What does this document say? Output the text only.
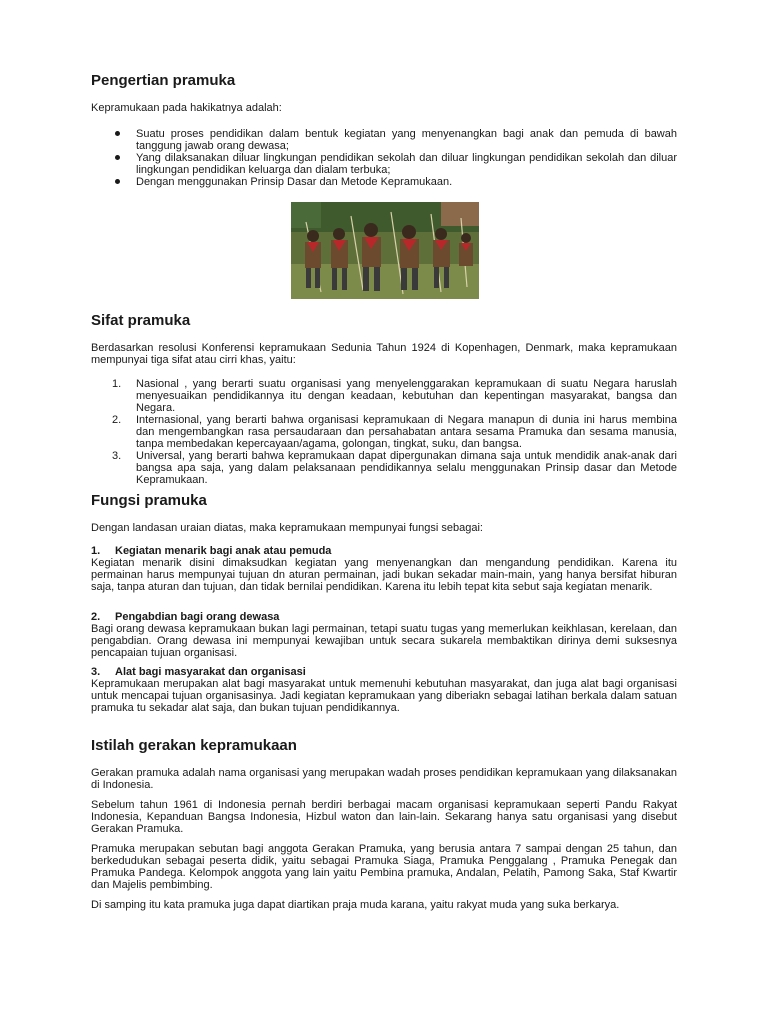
Pengertian pramuka

Kepramukaan pada hakikatnya adalah:

Suatu proses pendidikan dalam bentuk kegiatan yang menyenangkan bagi anak dan pemuda di bawah tanggung jawab orang dewasa;
Yang dilaksanakan diluar lingkungan pendidikan sekolah dan diluar lingkungan pendidikan sekolah dan diluar lingkungan pendidikan keluarga dan dialam terbuka;
Dengan menggunakan Prinsip Dasar dan Metode Kepramukaan.
Sifat pramuka

Berdasarkan resolusi Konferensi kepramukaan Sedunia Tahun 1924 di Kopenhagen, Denmark, maka kepramukaan mempunyai tiga sifat atau cirri khas, yaitu:

1. Nasional , yang berarti suatu organisasi yang menyelenggarakan kepramukaan di suatu Negara haruslah menyesuaikan pendidikannya itu dengan keadaan, kebutuhan dan kepentingan masyarakat, bangsa dan Negara.
2. Internasional, yang berarti bahwa organisasi kepramukaan di Negara manapun di dunia ini harus membina dan mengembangkan rasa persaudaraan dan persahabatan antara sesama Pramuka dan sesama manusia, tanpa membedakan kepercayaan/agama, golongan, tingkat, suku, dan bangsa.
3. Universal, yang berarti bahwa kepramukaan dapat dipergunakan dimana saja untuk mendidik anak-anak dari bangsa apa saja, yang dalam pelaksanaan pendidikannya selalu menggunakan Prinsip dasar dan Metode Kepramukaan.
Fungsi pramuka

Dengan landasan uraian diatas, maka kepramukaan mempunyai fungsi sebagai:

1. Kegiatan menarik bagi anak atau pemuda

Kegiatan menarik disini dimaksudkan kegiatan yang menyenangkan dan mengandung pendidikan. Karena itu permainan harus mempunyai tujuan dn aturan permainan, jadi bukan sekadar main-main, yang hanya bersifat hiburan saja, tanpa aturan dan tujuan, dan tidak bernilai pendidikan. Karena itu lebih tepat kita sebut saja kegiatan menarik.

2. Pengabdian bagi orang dewasa

Bagi orang dewasa kepramukaan bukan lagi permainan, tetapi suatu tugas yang memerlukan keikhlasan, kerelaan, dan pengabdian. Orang dewasa ini mempunyai kewajiban untuk secara sukarela membaktikan dirinya demi suksesnya pencapaian tujuan organisasi.

3. Alat bagi masyarakat dan organisasi

Kepramukaan merupakan alat bagi masyarakat untuk memenuhi kebutuhan masyarakat, dan juga alat bagi organisasi untuk mencapai tujuan organisasinya. Jadi kegiatan kepramukaan yang diberiakn sebagai latihan berkala dalam satuan pramuka tu sekadar alat saja, dan bukan tujuan pendidikannya.

Istilah gerakan kepramukaan

Gerakan pramuka adalah nama organisasi yang merupakan wadah proses pendidikan kepramukaan yang dilaksanakan di Indonesia.

Sebelum tahun 1961 di Indonesia pernah berdiri berbagai macam organisasi kepramukaan seperti Pandu Rakyat Indonesia, Kepanduan Bangsa Indonesia, Hizbul waton dan lain-lain. Sekarang hanya satu organisasi yang disebut Gerakan Pramuka.

Pramuka merupakan sebutan bagi anggota Gerakan Pramuka, yang berusia antara 7 sampai dengan 25 tahun, dan berkedudukan sebagai peserta didik, yaitu sebagai Pramuka Siaga, Pramuka Penggalang , Pramuka Penegak dan Pramuka Pandega. Kelompok anggota yang lain yaitu Pembina pramuka, Andalan, Pelatih, Pamong Saka, Staf Kwartir dan Majelis pembimbing.

Di samping itu kata pramuka juga dapat diartikan praja muda karana, yaitu rakyat muda yang suka berkarya.
